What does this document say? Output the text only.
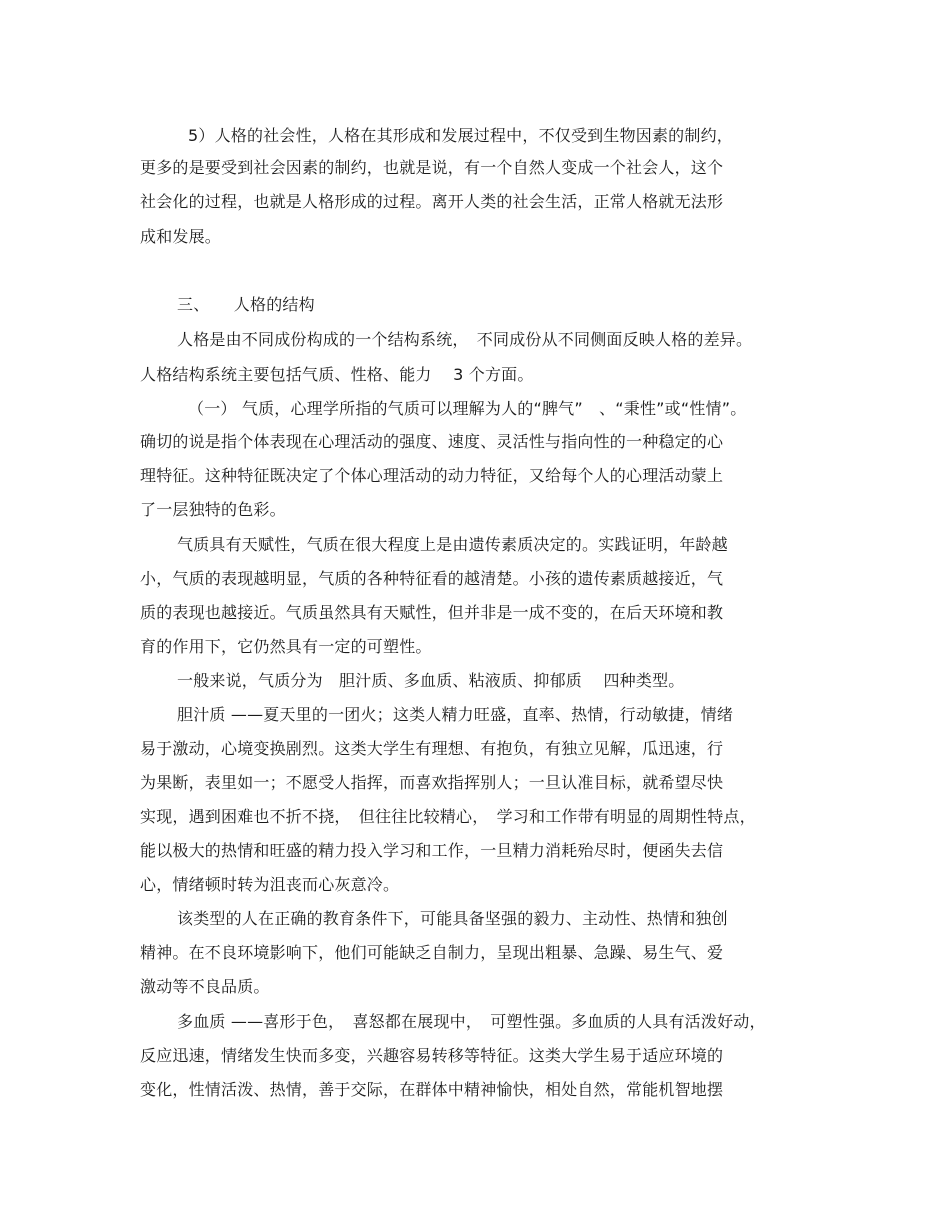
5）人格的社会性，人格在其形成和发展过程中，不仅受到生物因素的制约，
更多的是要受到社会因素的制约，也就是说，有一个自然人变成一个社会人，这个
社会化的过程，也就是人格形成的过程。离开人类的社会生活，正常人格就无法形
成和发展。
三、　　人格的结构
人格是由不同成份构成的一个结构系统，　不同成份从不同侧面反映人格的差异。
人格结构系统主要包括气质、性格、能力　 3 个方面。
（一） 气质，心理学所指的气质可以理解为人的“脾气”　、“秉性”或“性情”。
确切的说是指个体表现在心理活动的强度、速度、灵活性与指向性的一种稳定的心
理特征。这种特征既决定了个体心理活动的动力特征，又给每个人的心理活动蒙上
了一层独特的色彩。
气质具有天赋性，气质在很大程度上是由遗传素质决定的。实践证明，年龄越
小，气质的表现越明显，气质的各种特征看的越清楚。小孩的遗传素质越接近，气
质的表现也越接近。气质虽然具有天赋性，但并非是一成不变的，在后天环境和教
育的作用下，它仍然具有一定的可塑性。
一般来说，气质分为　胆汁质、多血质、粘液质、抑郁质　 四种类型。
胆汁质 ——夏天里的一团火；这类人精力旺盛，直率、热情，行动敏捷，情绪
易于激动，心境变换剧烈。这类大学生有理想、有抱负，有独立见解，瓜迅速，行
为果断，表里如一；不愿受人指挥，而喜欢指挥别人；一旦认准目标，就希望尽快
实现，遇到困难也不折不挠，　但往往比较精心，　学习和工作带有明显的周期性特点，
能以极大的热情和旺盛的精力投入学习和工作，一旦精力消耗殆尽时，便函失去信
心，情绪顿时转为沮丧而心灰意冷。
该类型的人在正确的教育条件下，可能具备坚强的毅力、主动性、热情和独创
精神。在不良环境影响下，他们可能缺乏自制力，呈现出粗暴、急躁、易生气、爱
激动等不良品质。
多血质 ——喜形于色，　喜怒都在展现中，　可塑性强。多血质的人具有活泼好动，
反应迅速，情绪发生快而多变，兴趣容易转移等特征。这类大学生易于适应环境的
变化，性情活泼、热情，善于交际，在群体中精神愉快，相处自然，常能机智地摆
